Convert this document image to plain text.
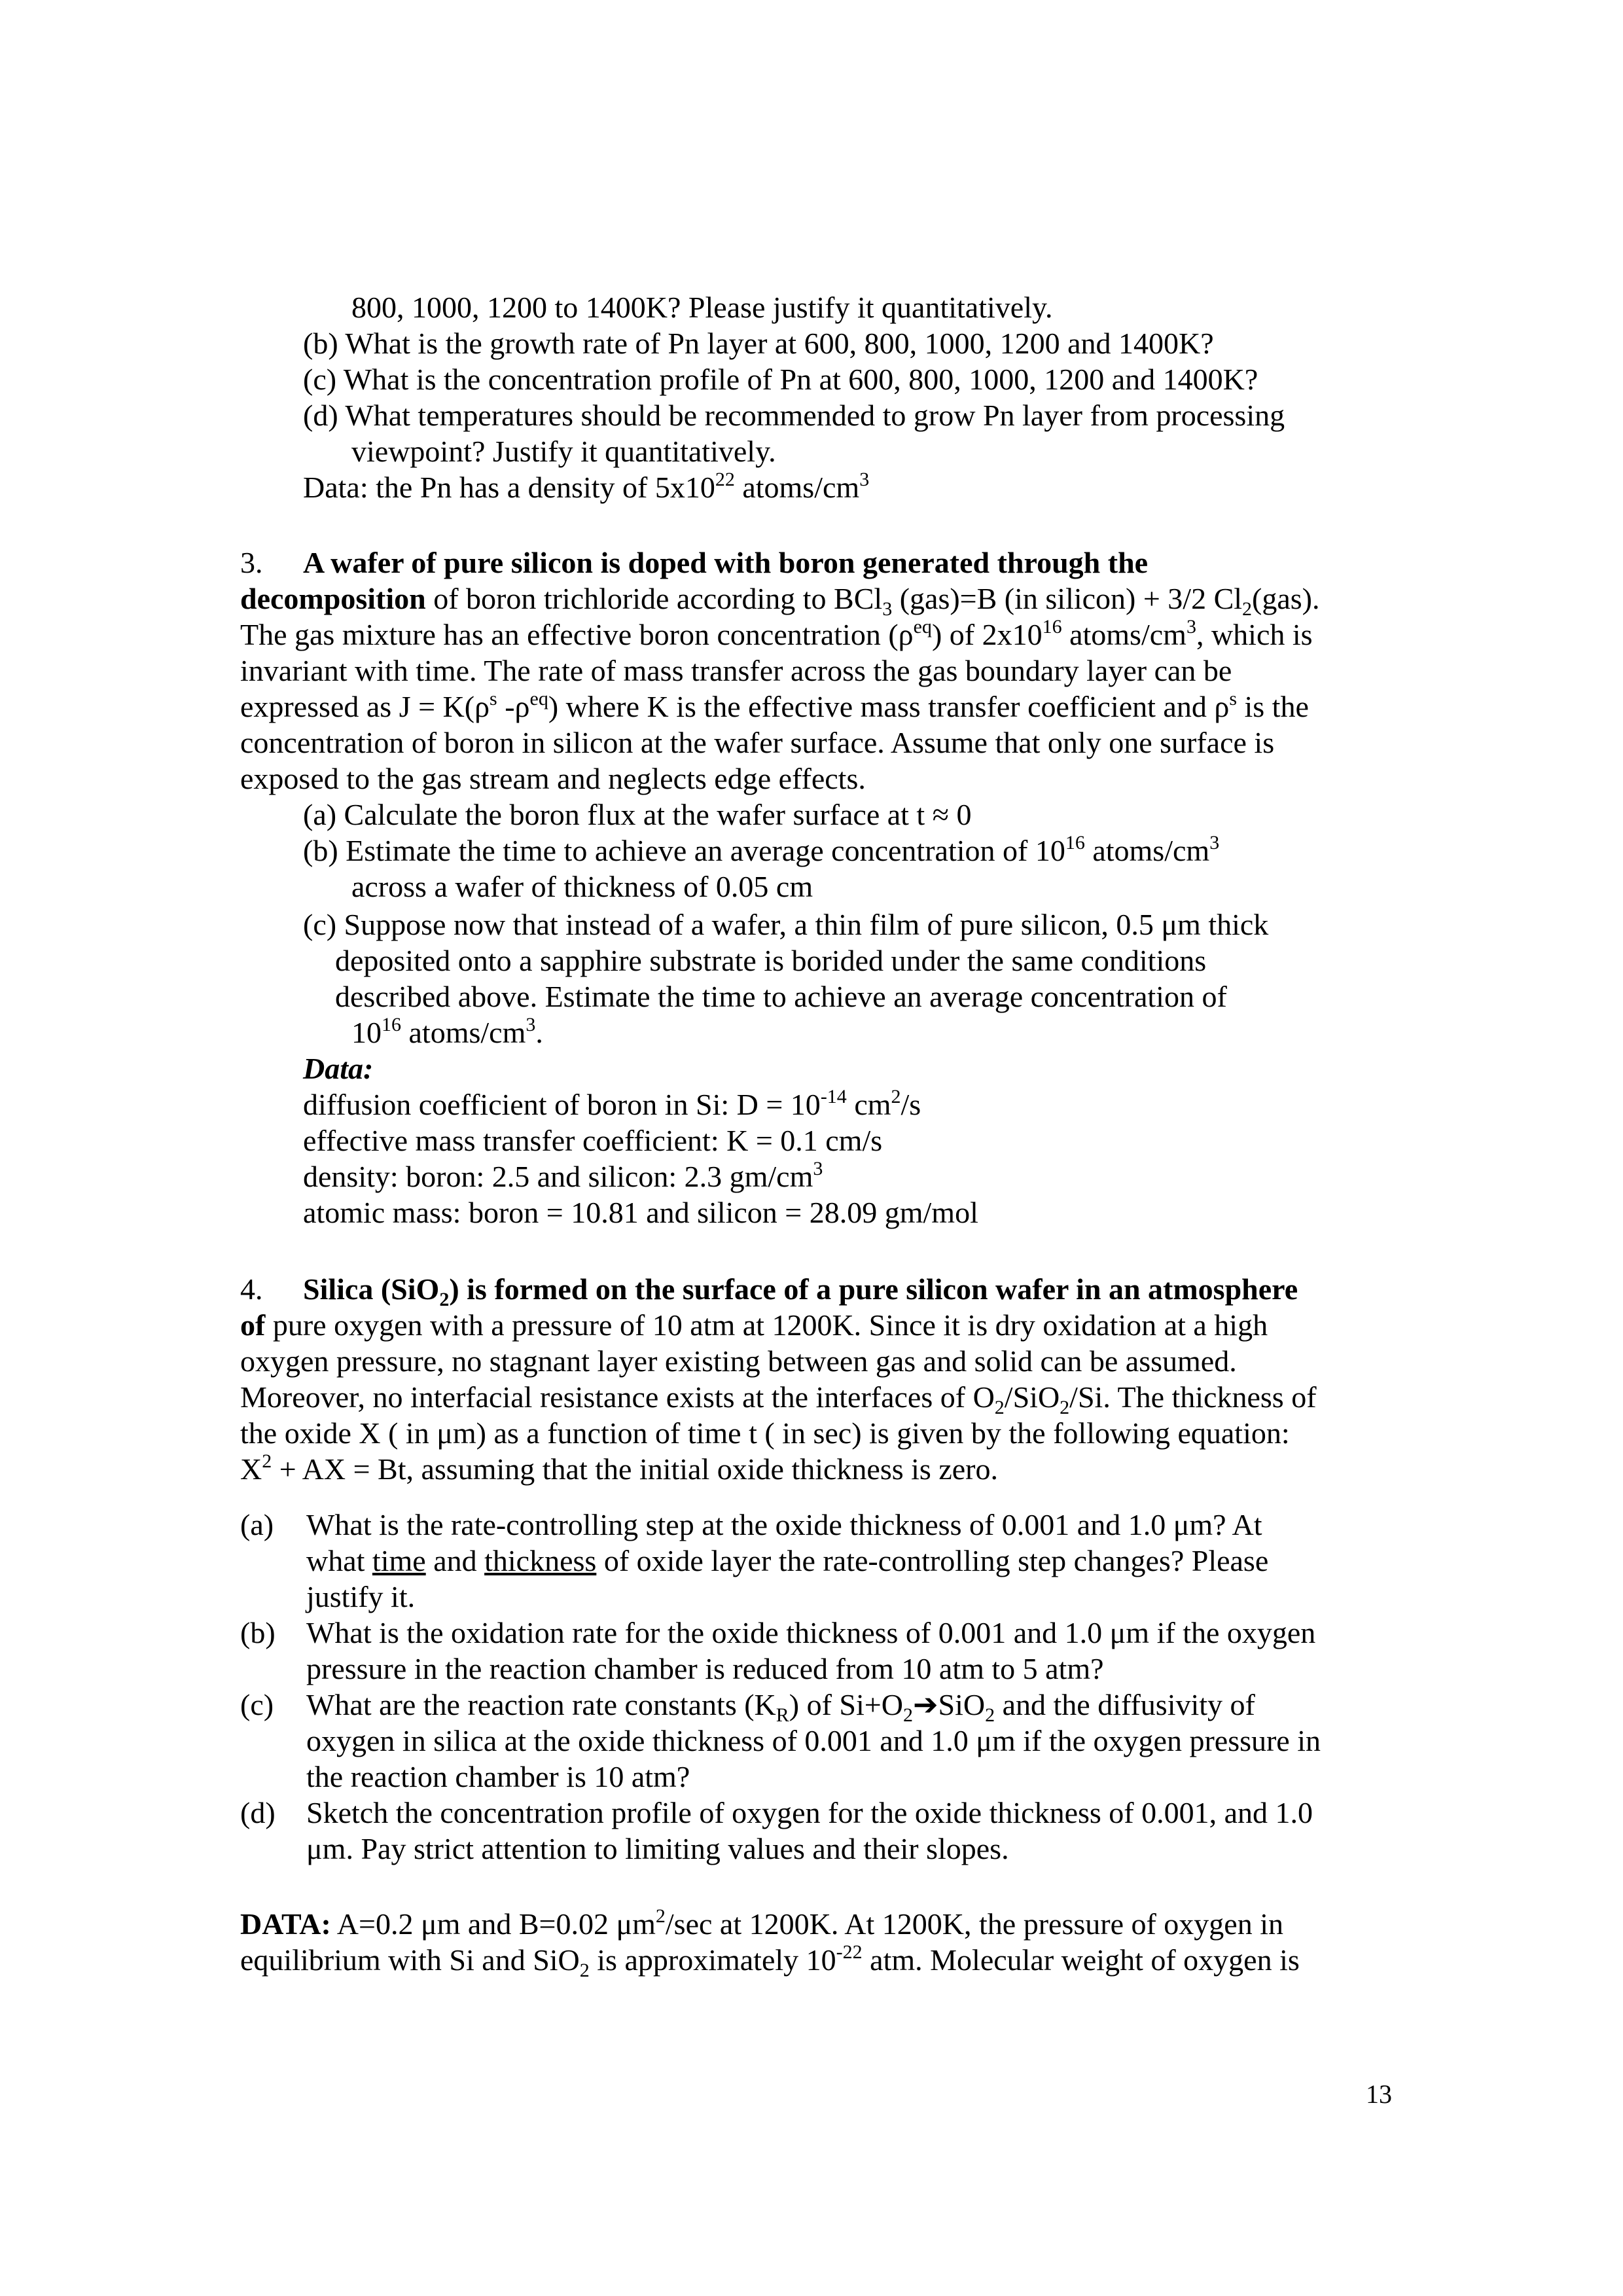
800, 1000, 1200 to 1400K? Please justify it quantitatively.
(b) What is the growth rate of Pn layer at 600, 800, 1000, 1200 and 1400K?
(c) What is the concentration profile of Pn at 600, 800, 1000, 1200 and 1400K?
(d) What temperatures should be recommended to grow Pn layer from processing
viewpoint? Justify it quantitatively.
Data: the Pn has a density of $5x10^{22}$ atoms/$cm^3$
3. A wafer of pure silicon is doped with boron generated through the
decomposition of boron trichloride according to BCl$_3$ (gas)=B (in silicon) + 3/2 $Cl_2(gas)$.
The gas mixture has an effective boron concentration $(\rho^{eq})$ of $2x10^{16}$ atoms/$cm^3$, which is
invariant with time. The rate of mass transfer across the gas boundary layer can be
expressed as $J = K(\rho^s$ $-\rho^{eq}$) where K is the effective mass transfer coefficient and $\rho^s$ is the
concentration of boron in silicon at the wafer surface. Assume that only one surface is
exposed to the gas stream and neglects edge effects.
(a) Calculate the boron flux at the wafer surface at t ≈ 0
(b) Estimate the time to achieve an average concentration of $10^{16}$ atoms/$cm^3$
across a wafer of thickness of 0.05 cm
(c) Suppose now that instead of a wafer, a thin film of pure silicon, 0.5 μm thick
deposited onto a sapphire substrate is borided under the same conditions
described above. Estimate the time to achieve an average concentration of
$10^{16}$ atoms/$cm^3$.
Data:
diffusion coefficient of boron in Si: $D = 10^{-14}$ $cm^2/s$
effective mass transfer coefficient: K = 0.1 cm/s
density: boron: 2.5 and silicon: 2.3 $gm/cm^3$
atomic mass: boron = 10.81 and silicon = 28.09 gm/mol
4. Silica (SiO$_2$) is formed on the surface of a pure silicon wafer in an atmosphere
of pure oxygen with a pressure of 10 atm at 1200K. Since it is dry oxidation at a high
oxygen pressure, no stagnant layer existing between gas and solid can be assumed.
Moreover, no interfacial resistance exists at the interfaces of $O_2/SiO_2/Si$. The thickness of
the oxide X ( in μm) as a function of time t ( in sec) is given by the following equation:
$X^2$ + AX = Bt, assuming that the initial oxide thickness is zero.
(a) What is the rate-controlling step at the oxide thickness of 0.001 and 1.0 μm? At
what time and thickness of oxide layer the rate-controlling step changes? Please
justify it.
(b) What is the oxidation rate for the oxide thickness of 0.001 and 1.0 μm if the oxygen
pressure in the reaction chamber is reduced from 10 atm to 5 atm?
(c) What are the reaction rate constants $(K_R)$ of $Si+O_2➔SiO_2$ and the diffusivity of
oxygen in silica at the oxide thickness of 0.001 and 1.0 μm if the oxygen pressure in
the reaction chamber is 10 atm?
(d) Sketch the concentration profile of oxygen for the oxide thickness of 0.001, and 1.0
μm. Pay strict attention to limiting values and their slopes.
DATA: A=0.2 μm and B=0.02 $\mu m^2/\sec$ at 1200K. At 1200K, the pressure of oxygen in
equilibrium with Si and SiO$_2$ is approximately $10^{-22}$ atm. Molecular weight of oxygen is
13
